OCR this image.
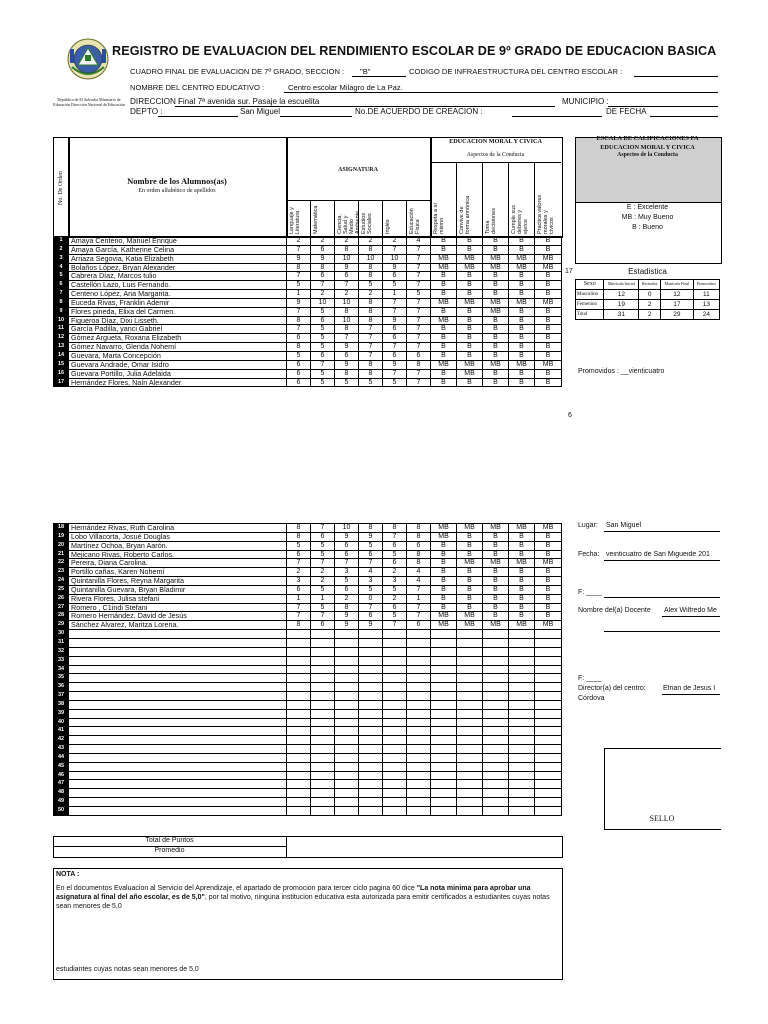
República de El Salvador Ministerio de Educación Dirección Nacional de Educación
REGISTRO DE EVALUACION DEL RENDIMIENTO ESCOLAR DE 9º GRADO DE EDUCACION BASICA
CUADRO FINAL DE EVALUACION DE 7º GRADO, SECCION : "B"	CODIGO DE INFRAESTRUCTURA DEL CENTRO ESCOLAR :
NOMBRE DEL CENTRO EDUCATIVO :	Centro escolar Milagro de La Paz.
DIRECCION :
Final 7ª avenida sur. Pasaje la escuelita	MUNICIPIO :
DEPTO :	San Miguel	No.DE ACUERDO DE CREACION :	DE FECHA
No. De Orden	Nombre de los Alumnos(as)
En orden alfabético de apellidos
ASIGNATURA
Lenguaje y Literatura	Matemática	Ciencia, Salud y Medio Ambiente Estudios Sociales	Inglés	Educación Física
EDUCACION MORAL Y CIVICA
Aspectos de la Conducta
Respeta a sí mismo	Convive de forma armónica	Toma decisiones	Cumple sus deberes y ejerce	Practica valores morales y cívicos
1	Amaya Centeno, Manuel Enrique	2	2	2	2	2	4	B	B	B	B	B
2	Amaya García, Katherine Celina	7	6	8	8	7	7	B	B	B	B	B
3	Arriaza Segovia, Katia Elizabeth	9	9	10	10	10	7	MB	MB	MB	MB	MB
4	Bolaños López, Bryan Alexander	8	8	9	8	9	7	MB	MB	MB	MB	MB
5	Cabrera Díaz, Marcos tulio	7	6	6	8	6	7	B	B	B	B	B
6	Castellón Lazo, Luis Fernando.	5	7	7	5	5	7	B	B	B	B	B
7	Centeno López, Ana Margarita.	1	2	2	2	1	5	B	B	B	B	B
8	Euceda Rivas, Franklin Ademir	9	10	10	8	7	7	MB	MB	MB	MB	MB
9	Flores pineda, Elixa del Carmen.	7	5	8	8	7	7	B	B	MB	B	B
10	Figueroa Díaz, Dixi Lisseth.	8	6	10	8	9	7	MB	B	B	B	B
11	García Padilla, yanci Gabriel	7	5	8	7	6	7	B	B	B	B	B
12	Gómez Argueta, Roxana Elizabeth	6	5	7	7	6	7	B	B	B	B	B
13	Gómez Navarro, Glenda Nohemí	8	5	9	7	7	7	B	B	B	B	B
14	Guevara, Marta Concepción	5	6	6	7	6	6	B	B	B	B	B
15	Guevara Andrade, Omar Isidro	6	7	9	8	9	8	MB	MB	MB	MB	MB
16	Guevara Portillo, Julia Adelaida	6	5	8	8	7	7	B	MB	B	B	B
17	Hernández Flores, Naín Alexander	6	5	5	5	5	7	B	B	B	B	B
18	Hernández Rivas, Ruth Carolina	8	7	10	8	8	8	MB	MB	MB	MB	MB
19	Lobo Villacorta, Josué Douglas	8	6	9	9	7	8	MB	B	B	B	B
20	Martínez Ochoa, Bryan Aarón.	5	5	6	5	6	6	B	B	B	B	B
21	Mejicano Rivas, Roberto Carlos.	6	5	6	6	5	8	B	B	B	B	B
22	Pereira, Diana Carolina.	7	7	7	7	6	8	B	MB	MB	MB	MB
23	Portillo cañas, Karen Nohemí	2	2	3	4	2	4	B	B	B	B	B
24	Quintanilla Flores, Reyna Margarita	3	2	5	3	3	4	B	B	B	B	B
25	Quintanilla Guevara, Bryan Bladimir	6	5	6	5	5	7	B	B	B	B	B
26	Rivera Flores, Julisa stefani	1	1	2	0	2	1	B	B	B	B	B
27	Romero , C1indi Stefani	7	5	8	7	6	7	B	B	B	B	B
28	Romero Hernández, David de Jesús	7	7	9	6	5	7	MB	MB	B	B	B
29	Sánchez Alvarez, Maritza Lorena.	8	6	9	9	7	6	MB	MB	MB	MB	MB
30												
31												
32												
33												
34												
35												
36												
37												
38												
39												
40												
41												
42												
43												
44												
45												
46												
47												
48												
49												
50												
Total de Puntos
Promedio
NOTA :
En el documentos Evaluacion al Servicio del Aprendizaje, el apartado de promocion para tercer ciclo pagina 60 dice "La nota minima para aprobar una asignatura al final del año escolar, es de 5,0", por tal motivo, ninguna institucion educativa esta autorizada para emitir certificados a estudiantes cuyas notas sean menores de 5,0
estudiantes cuyas notas sean menores de 5,0
ESCALA DE CALIFICACIONES PA
EDUCACION MORAL Y CIVICA
Aspectos de la Conducta
E : Excelente
MB : Muy Bueno
B : Bueno
17	Estadistica
Sexo	Matrícula Inicial	Retirados	Matrícula Final	Promovidos
Masculino	12	0	12	11
Femenino	19	2	17	13
Total	31	2	29	24
Promovidos : __vienticuatro
6
Lugar: San Miguel
Fecha: veinticuatro de San Migueide 201
F: ____
Nombre del(a) Docente Alex Wilfredo Me
F: ____
Director(a) del centro: Efrian de Jesus I
Córdova
SELLO
